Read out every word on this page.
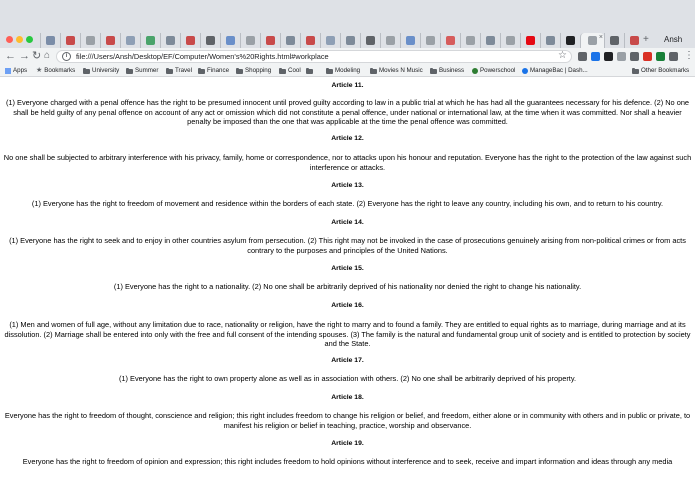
×	+ Ansh
← → ↻ ⌂	i	file:///Users/Ansh/Desktop/EF/Computer/Women's%20Rights.html#workplace	☆	⋮
Apps ★ Bookmarks	University	Summer	Travel Finance	Shopping	Cool	Modeling	Movies N Music	Business	Powerschool ManageBac | Dash...	Other Bookmarks
Article 11.
(1) Everyone charged with a penal offence has the right to be presumed innocent until proved guilty according to law in a public trial at which he has had all the guarantees necessary for his defence. (2) No one shall be held guilty of any penal offence on account of any act or omission which did not constitute a penal offence, under national or international law, at the time when it was committed. Nor shall a heavier penalty be imposed than the one that was applicable at the time the penal offence was committed.
Article 12.
No one shall be subjected to arbitrary interference with his privacy, family, home or correspondence, nor to attacks upon his honour and reputation. Everyone has the right to the protection of the law against such interference or attacks.
Article 13.
(1) Everyone has the right to freedom of movement and residence within the borders of each state. (2) Everyone has the right to leave any country, including his own, and to return to his country.
Article 14.
(1) Everyone has the right to seek and to enjoy in other countries asylum from persecution. (2) This right may not be invoked in the case of prosecutions genuinely arising from non-political crimes or from acts contrary to the purposes and principles of the United Nations.
Article 15.
(1) Everyone has the right to a nationality. (2) No one shall be arbitrarily deprived of his nationality nor denied the right to change his nationality.
Article 16.
(1) Men and women of full age, without any limitation due to race, nationality or religion, have the right to marry and to found a family. They are entitled to equal rights as to marriage, during marriage and at its dissolution. (2) Marriage shall be entered into only with the free and full consent of the intending spouses. (3) The family is the natural and fundamental group unit of society and is entitled to protection by society and the State.
Article 17.
(1) Everyone has the right to own property alone as well as in association with others. (2) No one shall be arbitrarily deprived of his property.
Article 18.
Everyone has the right to freedom of thought, conscience and religion; this right includes freedom to change his religion or belief, and freedom, either alone or in community with others and in public or private, to manifest his religion or belief in teaching, practice, worship and observance.
Article 19.
Everyone has the right to freedom of opinion and expression; this right includes freedom to hold opinions without interference and to seek, receive and impart information and ideas through any media
